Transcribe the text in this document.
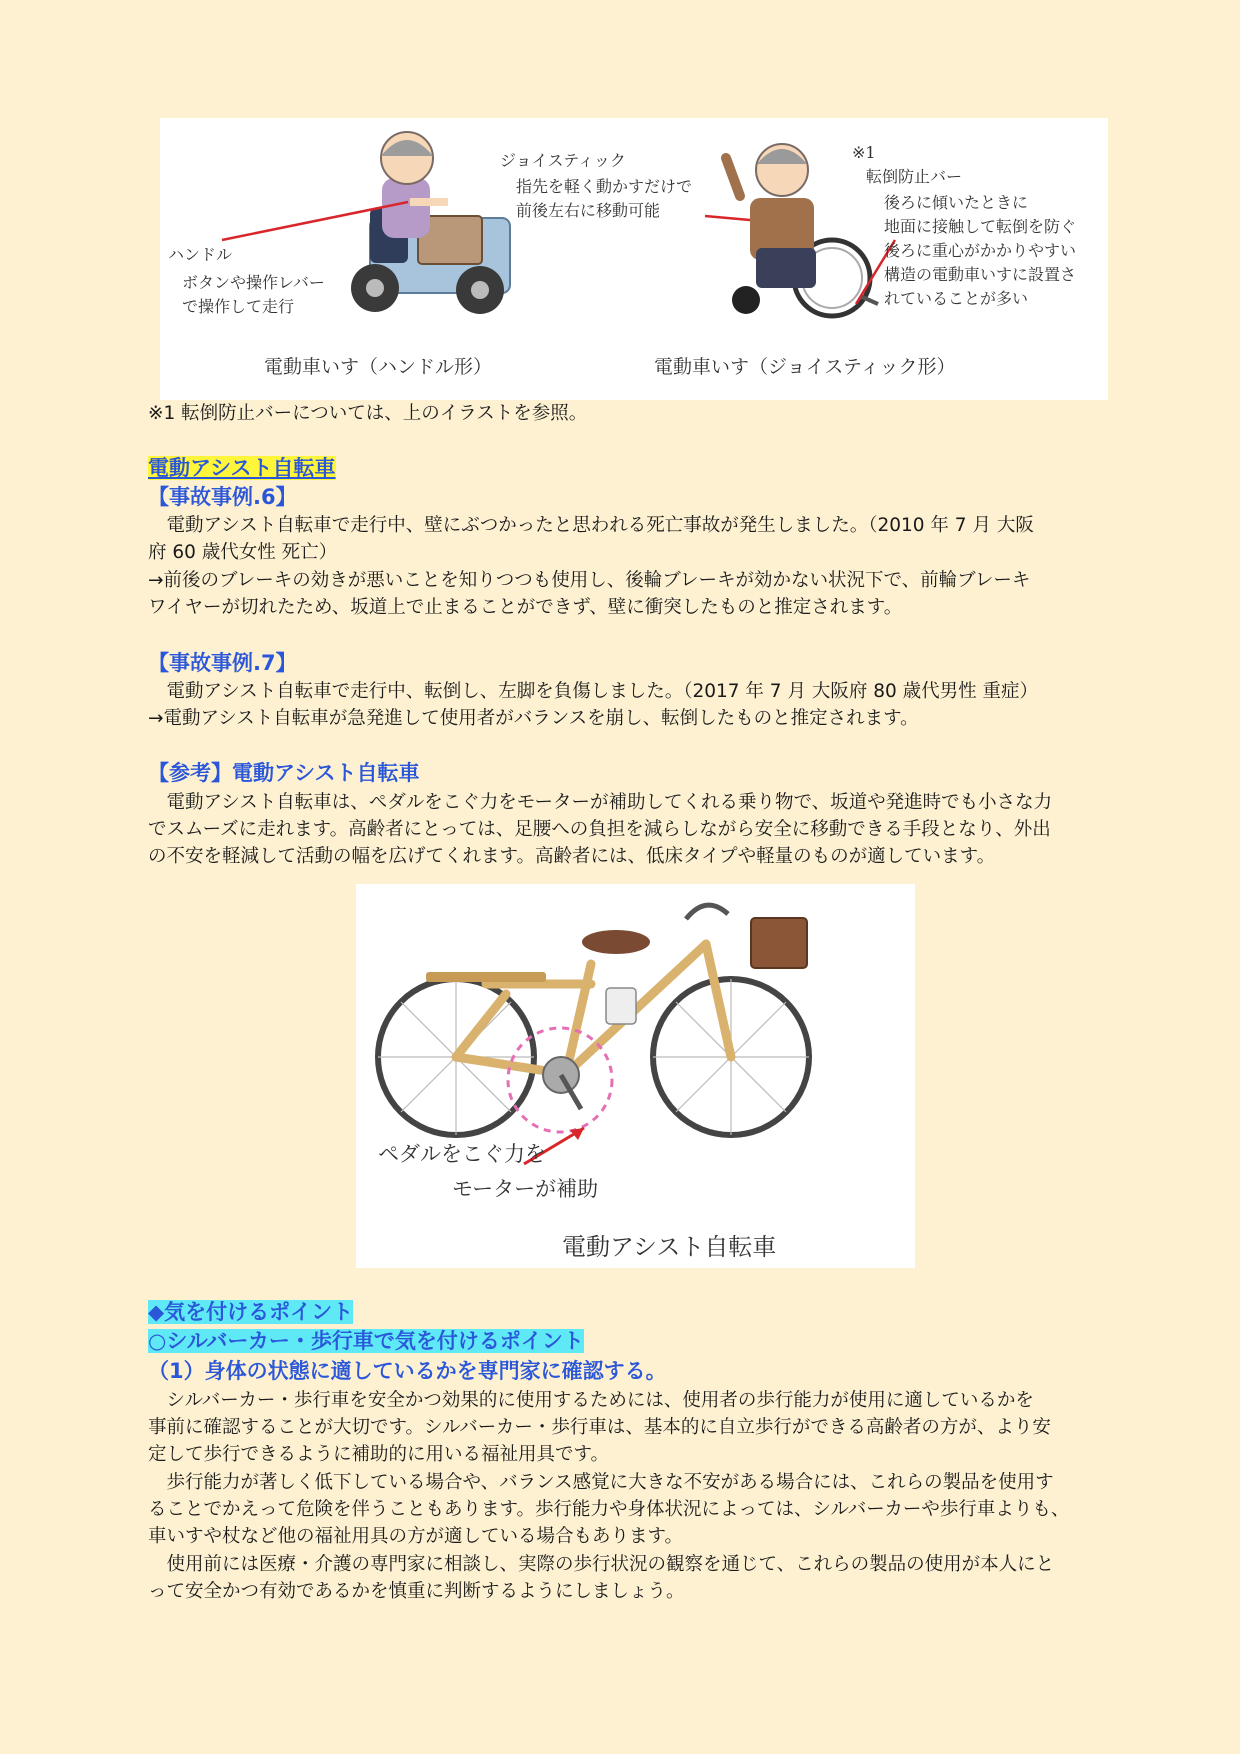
ハンドル
ボタンや操作レバー
で操作して走行
ジョイスティック
指先を軽く動かすだけで
前後左右に移動可能
※1
転倒防止バー
後ろに傾いたときに
地面に接触して転倒を防ぐ
後ろに重心がかかりやすい
構造の電動車いすに設置さ
れていることが多い
電動車いす（ハンドル形）	電動車いす（ジョイスティック形）
※1 転倒防止バーについては、上のイラストを参照。
電動アシスト自転車
【事故事例.6】
　電動アシスト自転車で走行中、壁にぶつかったと思われる死亡事故が発生しました。（2010 年 7 月 大阪
府 60 歳代女性 死亡）
→前後のブレーキの効きが悪いことを知りつつも使用し、後輪ブレーキが効かない状況下で、前輪ブレーキ
ワイヤーが切れたため、坂道上で止まることができず、壁に衝突したものと推定されます。
【事故事例.7】
　電動アシスト自転車で走行中、転倒し、左脚を負傷しました。（2017 年 7 月 大阪府 80 歳代男性 重症）
→電動アシスト自転車が急発進して使用者がバランスを崩し、転倒したものと推定されます。
【参考】電動アシスト自転車
　電動アシスト自転車は、ペダルをこぐ力をモーターが補助してくれる乗り物で、坂道や発進時でも小さな力
でスムーズに走れます。高齢者にとっては、足腰への負担を減らしながら安全に移動できる手段となり、外出
の不安を軽減して活動の幅を広げてくれます。高齢者には、低床タイプや軽量のものが適しています。
ペダルをこぐ力を
モーターが補助
電動アシスト自転車
◆気を付けるポイント
○シルバーカー・歩行車で気を付けるポイント
（1）身体の状態に適しているかを専門家に確認する。
　シルバーカー・歩行車を安全かつ効果的に使用するためには、使用者の歩行能力が使用に適しているかを
事前に確認することが大切です。シルバーカー・歩行車は、基本的に自立歩行ができる高齢者の方が、より安
定して歩行できるように補助的に用いる福祉用具です。
　歩行能力が著しく低下している場合や、バランス感覚に大きな不安がある場合には、これらの製品を使用す
ることでかえって危険を伴うこともあります。歩行能力や身体状況によっては、シルバーカーや歩行車よりも、
車いすや杖など他の福祉用具の方が適している場合もあります。
　使用前には医療・介護の専門家に相談し、実際の歩行状況の観察を通じて、これらの製品の使用が本人にと
って安全かつ有効であるかを慎重に判断するようにしましょう。
